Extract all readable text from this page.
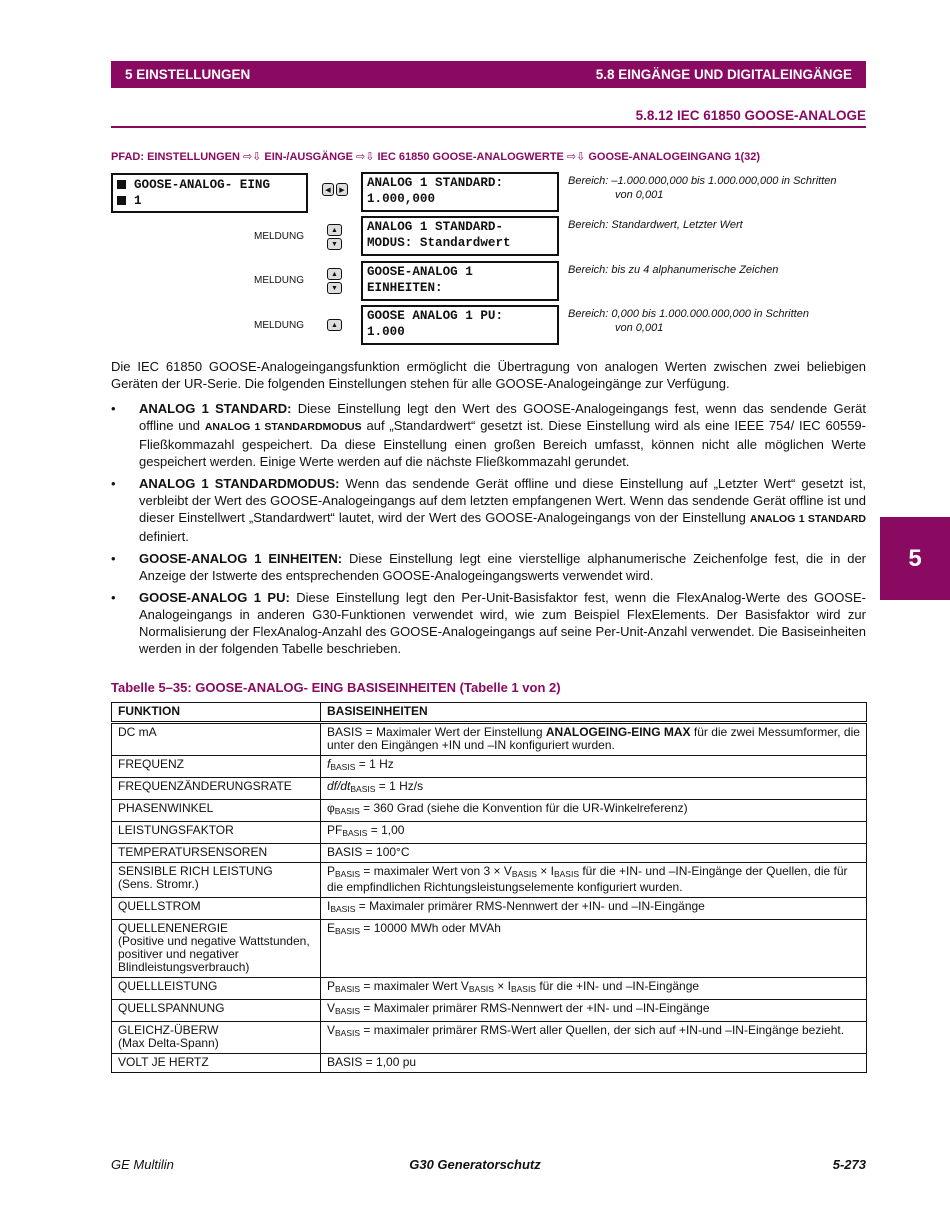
5 EINSTELLUNGEN	5.8 EINGÄNGE UND DIGITALEINGÄNGE
5.8.12 IEC 61850 GOOSE-ANALOGE
PFAD: EINSTELLUNGEN ⇨⇩ EIN-/AUSGÄNGE ⇨⇩ IEC 61850 GOOSE-ANALOGWERTE ⇨⇩ GOOSE-ANALOGEINGANG 1(32)
GOOSE-ANALOG- EING
1
◀	▶ ANALOG 1 STANDARD:
1.000,000
Bereich: –1.000.000,000 bis 1.000.000,000 in Schritten
von 0,001
MELDUNG
▲
▼
ANALOG 1 STANDARD-
MODUS: Standardwert
Bereich: Standardwert, Letzter Wert
MELDUNG
▲
▼
GOOSE-ANALOG 1
EINHEITEN:
Bereich: bis zu 4 alphanumerische Zeichen
MELDUNG	▲
GOOSE ANALOG 1 PU:
1.000
Bereich: 0,000 bis 1.000.000.000,000 in Schritten
von 0,001
Die IEC 61850 GOOSE-Analogeingangsfunktion ermöglicht die Übertragung von analogen Werten zwischen zwei beliebigen Geräten der UR-Serie. Die folgenden Einstellungen stehen für alle GOOSE-Analogeingänge zur Verfügung.
• ANALOG 1 STANDARD: Diese Einstellung legt den Wert des GOOSE-Analogeingangs fest, wenn das sendende Gerät offline und ANALOG 1 STANDARDMODUS auf „Standardwert“ gesetzt ist. Diese Einstellung wird als eine IEEE 754/ IEC 60559-Fließkommazahl gespeichert. Da diese Einstellung einen großen Bereich umfasst, können nicht alle möglichen Werte gespeichert werden. Einige Werte werden auf die nächste Fließkommazahl gerundet.
• ANALOG 1 STANDARDMODUS: Wenn das sendende Gerät offline und diese Einstellung auf „Letzter Wert“ gesetzt ist, verbleibt der Wert des GOOSE-Analogeingangs auf dem letzten empfangenen Wert. Wenn das sendende Gerät offline ist und dieser Einstellwert „Standardwert“ lautet, wird der Wert des GOOSE-Analogeingangs von der Einstellung ANALOG 1 STANDARD definiert.
• GOOSE-ANALOG 1 EINHEITEN: Diese Einstellung legt eine vierstellige alphanumerische Zeichenfolge fest, die in der Anzeige der Istwerte des entsprechenden GOOSE-Analogeingangswerts verwendet wird.
• GOOSE-ANALOG 1 PU: Diese Einstellung legt den Per-Unit-Basisfaktor fest, wenn die FlexAnalog-Werte des GOOSE-Analogeingangs in anderen G30-Funktionen verwendet wird, wie zum Beispiel FlexElements. Der Basisfaktor wird zur Normalisierung der FlexAnalog-Anzahl des GOOSE-Analogeingangs auf seine Per-Unit-Anzahl verwendet. Die Basiseinheiten werden in der folgenden Tabelle beschrieben.
Tabelle 5–35: GOOSE-ANALOG- EING BASISEINHEITEN (Tabelle 1 von 2)
FUNKTION	BASISEINHEITEN
DC mA	BASIS = Maximaler Wert der Einstellung ANALOGEING-EING MAX für die zwei Messumformer, die unter den Eingängen +IN und –IN konfiguriert wurden.
FREQUENZ	$f_{BASIS} = 1$ Hz
FREQUENZÄNDERUNGSRATE	$df/dt_{BASIS} = 1$ Hz/s
PHASENWINKEL	$\varphi_{BASIS} = 360$ Grad (siehe die Konvention für die UR-Winkelreferenz)
LEISTUNGSFAKTOR	$PF_{BASIS} = 1,00$
TEMPERATURSENSOREN	BASIS = 100°C

SENSIBLE RICH LEISTUNG
(Sens. Stromr.)	$P_{BASIS}$ = maximaler Wert von $3 \times V_{BASIS} \times I_{BASIS}$ für die +IN- und –IN-Eingänge der Quellen, die für die empfindlichen Richtungsleistungselemente konfiguriert wurden.
QUELLSTROM	$I_{BASIS}$ = Maximaler primärer RMS-Nennwert der +IN- und –IN-Eingänge

QUELLENENERGIE
(Positive und negative Wattstunden,
positiver und negativer
Blindleistungsverbrauch)	$E_{BASIS} = 10000$ MWh oder MVAh
QUELLLEISTUNG	$P_{BASIS}$ = maximaler Wert $V_{BASIS} \times I_{BASIS}$ für die +IN- und –IN-Eingänge
QUELLSPANNUNG	$V_{BASIS}$ = Maximaler primärer RMS-Nennwert der +IN- und –IN-Eingänge

GLEICHZ-ÜBERW
(Max Delta-Spann)	$V_{BASIS}$ = maximaler primärer RMS-Wert aller Quellen, der sich auf +IN-und –IN-Eingänge bezieht.
VOLT JE HERTZ	BASIS = 1,00 pu
5
GE Multilin	G30 Generatorschutz	5-273
